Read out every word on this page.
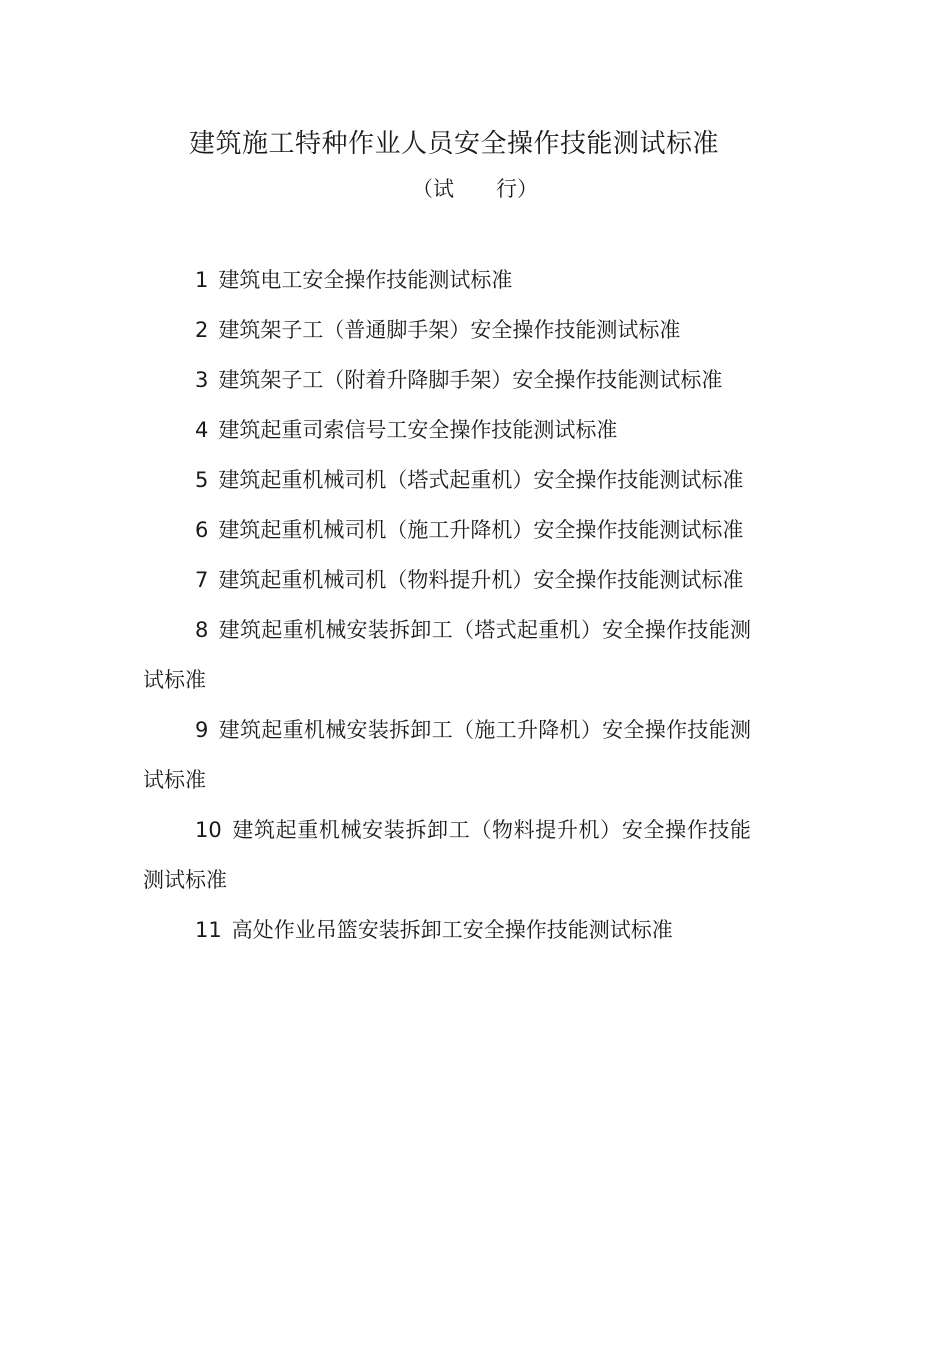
建筑施工特种作业人员安全操作技能测试标准
（试　　行）
1 建筑电工安全操作技能测试标准
2 建筑架子工（普通脚手架）安全操作技能测试标准
3 建筑架子工（附着升降脚手架）安全操作技能测试标准
4 建筑起重司索信号工安全操作技能测试标准
5 建筑起重机械司机（塔式起重机）安全操作技能测试标准
6 建筑起重机械司机（施工升降机）安全操作技能测试标准
7 建筑起重机械司机（物料提升机）安全操作技能测试标准
8 建筑起重机械安装拆卸工（塔式起重机）安全操作技能测试标准
9 建筑起重机械安装拆卸工（施工升降机）安全操作技能测试标准
10 建筑起重机械安装拆卸工（物料提升机）安全操作技能测试标准
11 高处作业吊篮安装拆卸工安全操作技能测试标准
